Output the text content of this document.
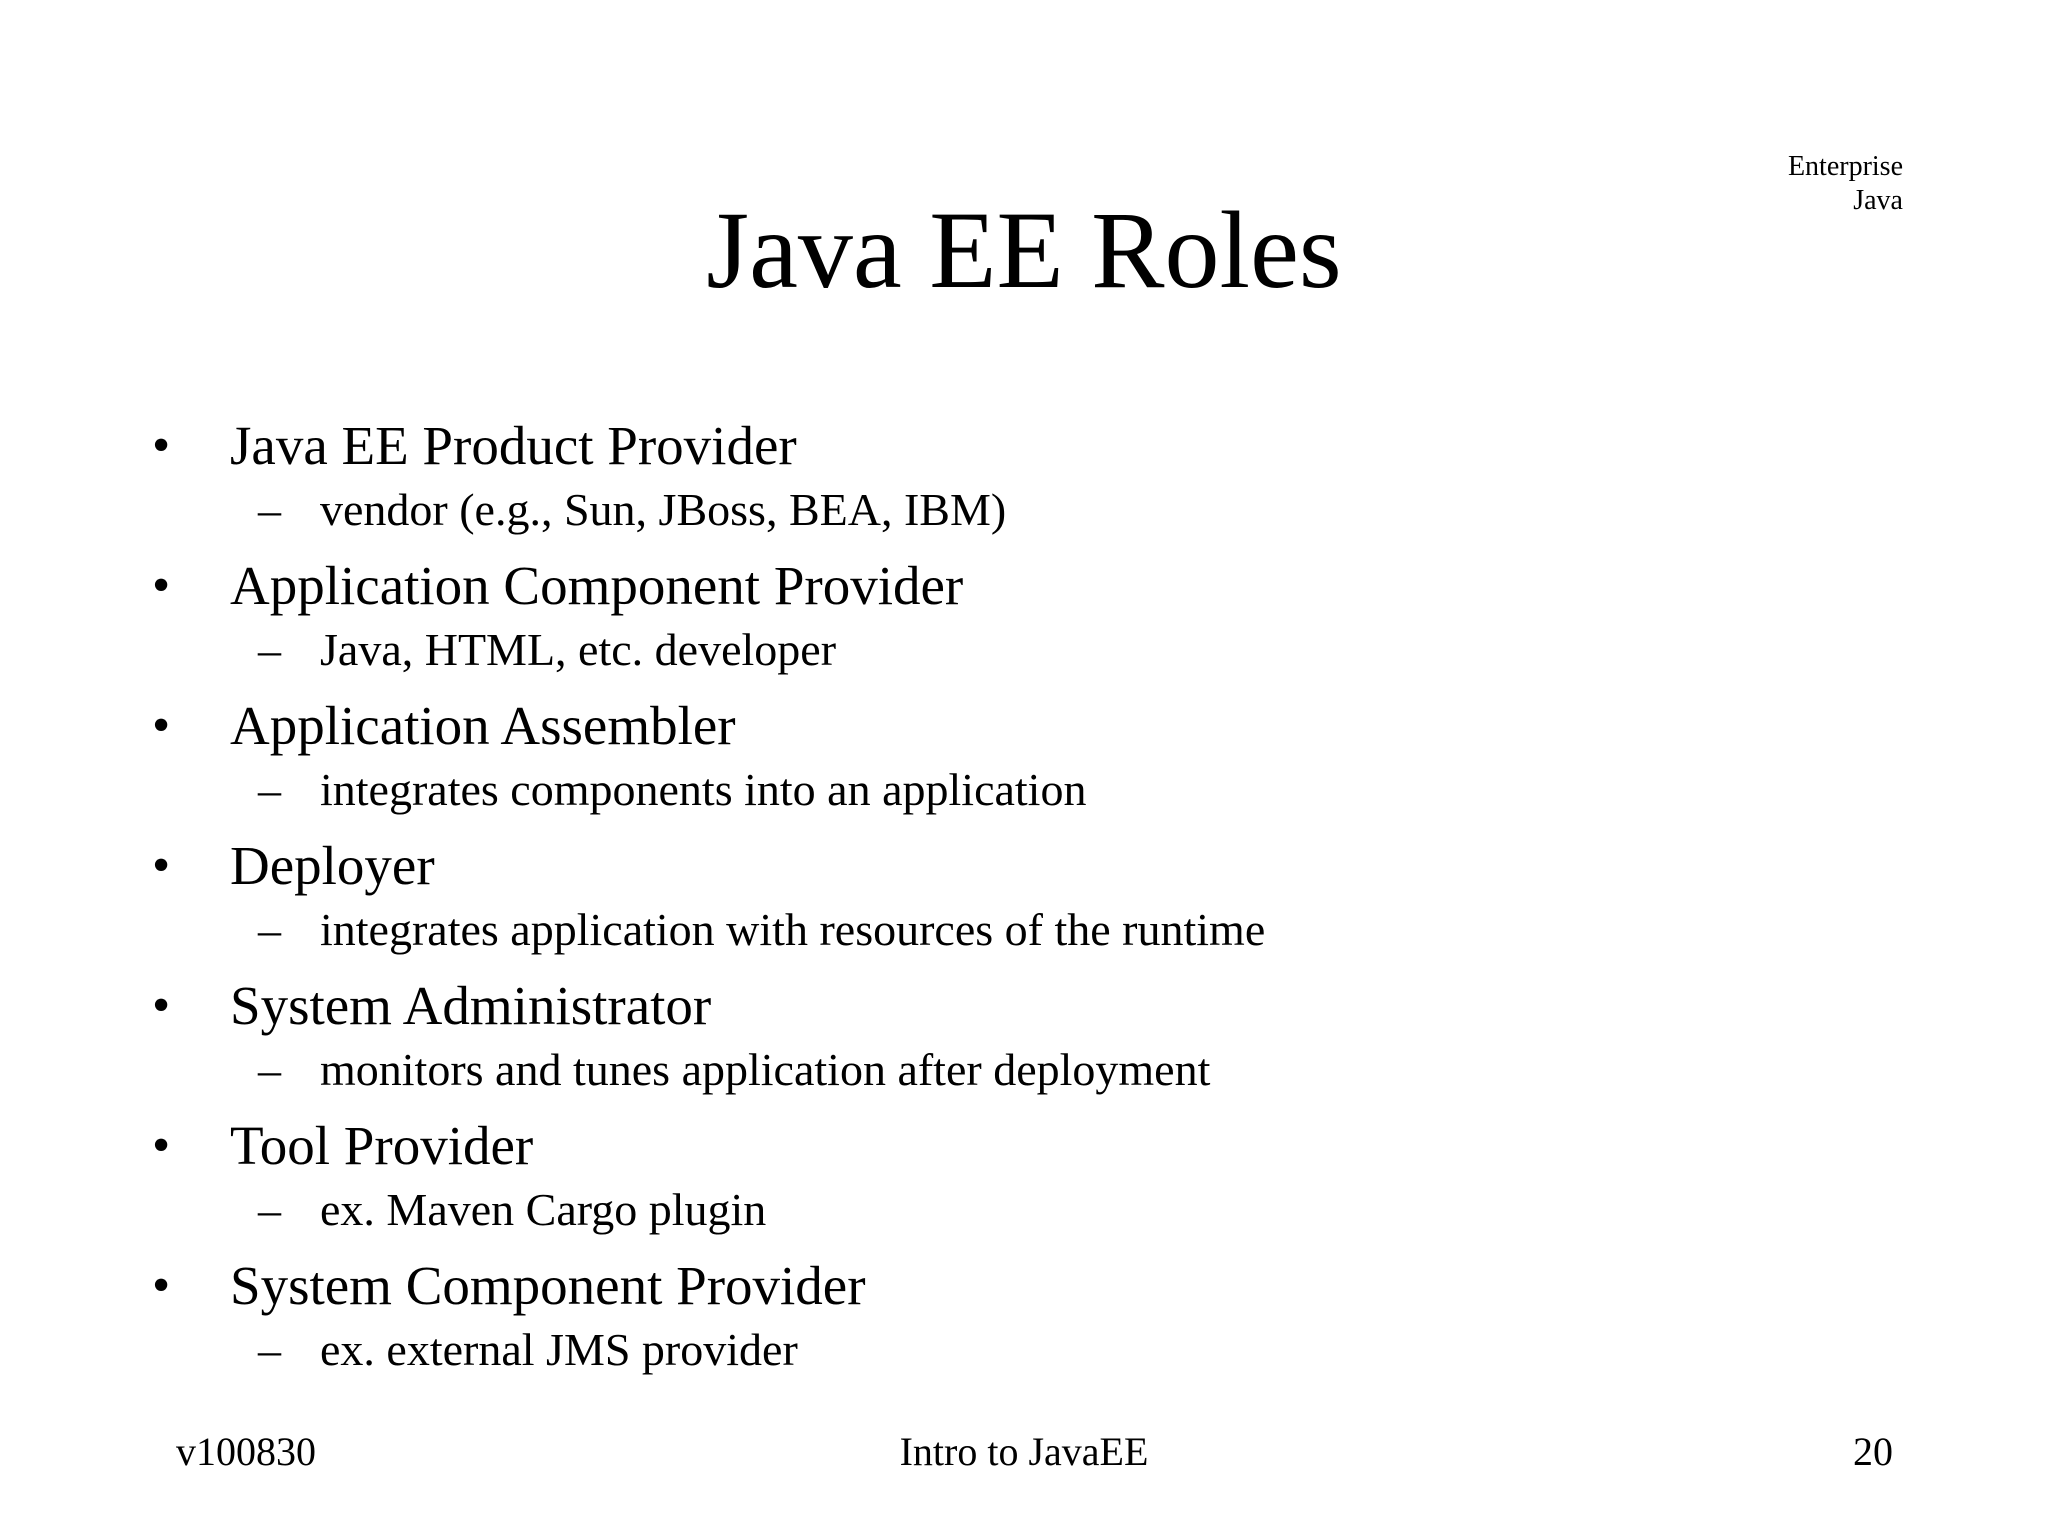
Enterprise
Java
Java EE Roles
• Java EE Product Provider
– vendor (e.g., Sun, JBoss, BEA, IBM)
• Application Component Provider
– Java, HTML, etc. developer
• Application Assembler
– integrates components into an application
• Deployer
– integrates application with resources of the runtime
• System Administrator
– monitors and tunes application after deployment
• Tool Provider
– ex. Maven Cargo plugin
• System Component Provider
– ex. external JMS provider
Intro to JavaEE
v100830	20
